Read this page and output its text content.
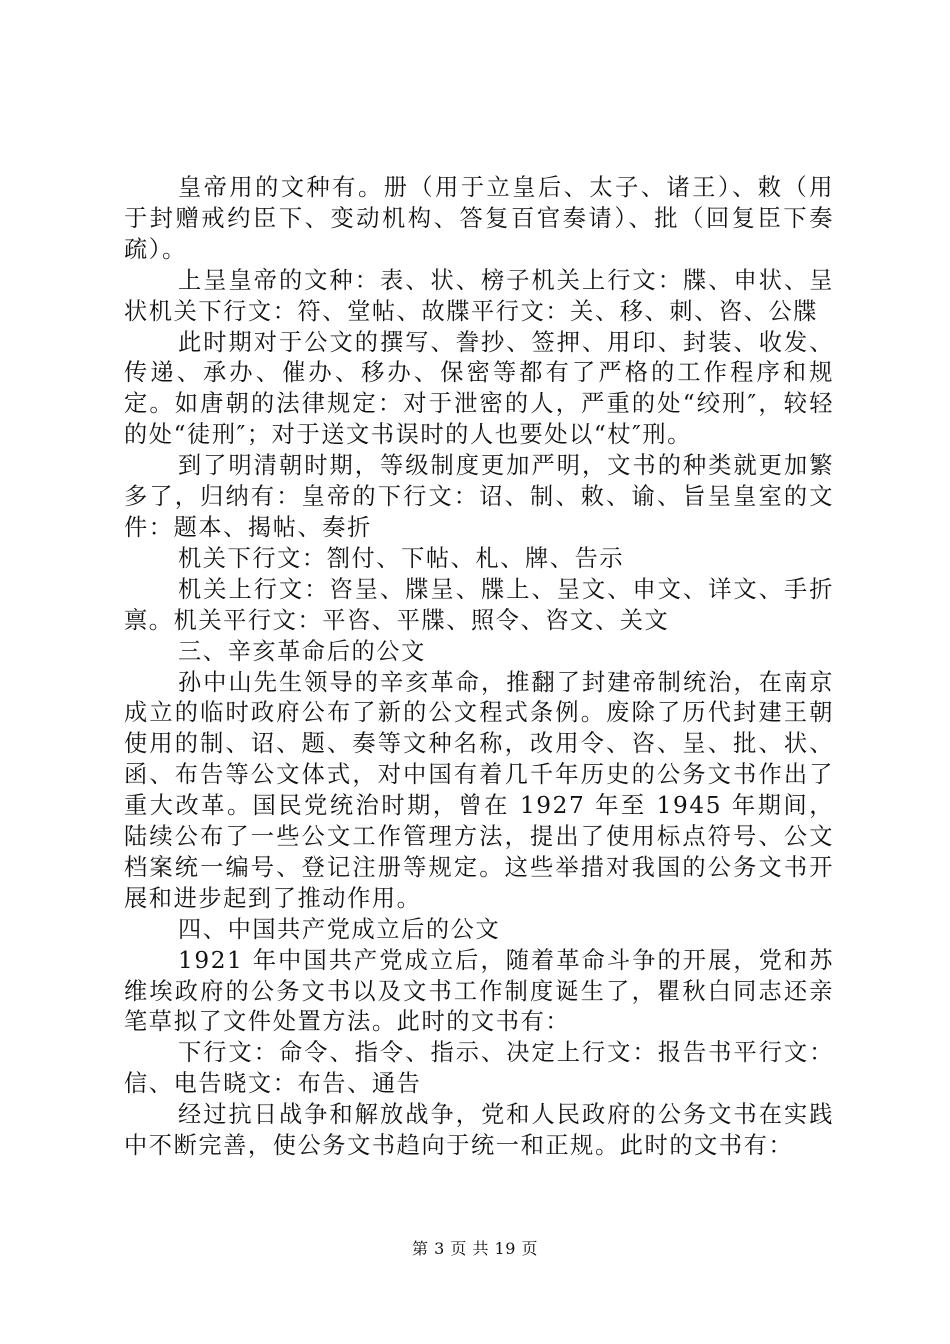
皇帝用的文种有。册（用于立皇后、太子、诸王）、敕（用于封赠戒约臣下、变动机构、答复百官奏请）、批（回复臣下奏疏）。

上呈皇帝的文种：表、状、榜子机关上行文：牒、申状、呈状机关下行文：符、堂帖、故牒平行文：关、移、刺、咨、公牒

此时期对于公文的撰写、誊抄、签押、用印、封装、收发、传递、承办、催办、移办、保密等都有了严格的工作程序和规定。如唐朝的法律规定：对于泄密的人，严重的处“绞刑″，较轻的处“徒刑″；对于送文书误时的人也要处以“杖″刑。

到了明清朝时期，等级制度更加严明，文书的种类就更加繁多了，归纳有：皇帝的下行文：诏、制、敕、谕、旨呈皇室的文件：题本、揭帖、奏折

机关下行文：劄付、下帖、札、牌、告示

机关上行文：咨呈、牒呈、牒上、呈文、申文、详文、手折禀。机关平行文：平咨、平牒、照令、咨文、关文

三、辛亥革命后的公文

孙中山先生领导的辛亥革命，推翻了封建帝制统治，在南京成立的临时政府公布了新的公文程式条例。废除了历代封建王朝使用的制、诏、题、奏等文种名称，改用令、咨、呈、批、状、函、布告等公文体式，对中国有着几千年历史的公务文书作出了重大改革。国民党统治时期，曾在 1927 年至 1945 年期间，陆续公布了一些公文工作管理方法，提出了使用标点符号、公文档案统一编号、登记注册等规定。这些举措对我国的公务文书开展和进步起到了推动作用。

四、中国共产党成立后的公文

1921 年中国共产党成立后，随着革命斗争的开展，党和苏维埃政府的公务文书以及文书工作制度诞生了，瞿秋白同志还亲笔草拟了文件处置方法。此时的文书有：

下行文：命令、指令、指示、决定上行文：报告书平行文：信、电告晓文：布告、通告

经过抗日战争和解放战争，党和人民政府的公务文书在实践中不断完善，使公务文书趋向于统一和正规。此时的文书有：

第 3 页 共 19 页
